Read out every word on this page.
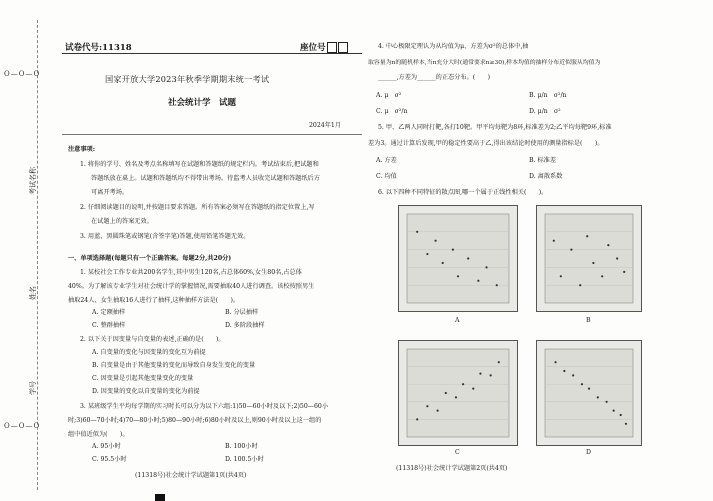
O—O—O
O—O—O
考试名称
姓名
学号
试卷代号:11318	座位号
国家开放大学2023年秋季学期期末统一考试
社会统计学　试题
2024年1月
注意事项:
1. 将你的学号、姓名及考点名称填写在试题和答题纸的规定栏内。考试结束后,把试题和
答题纸放在桌上。试题和答题纸均不得带出考场。待监考人员收完试题和答题纸后方
可离开考场。
2. 仔细阅读题目的说明,并按题目要求答题。所有答案必须写在答题纸的指定位置上,写
在试题上的答案无效。
3. 用蓝、黑圆珠笔或钢笔(含签字笔)答题,使用铅笔答题无效。
一、单项选择题(每题只有一个正确答案。每题2分,共20分)
1. 某校社会工作专业共200名学生,其中男生120名,占总体60%,女生80名,占总体
40%。为了解该专业学生对社会统计学的掌握情况,需要抽取40人进行调查。该校按照男生
抽取24人、女生抽取16人进行了抽样,这种抽样方法是(　　)。
A. 定额抽样	B. 分层抽样
C. 整群抽样	D. 多阶段抽样
2. 以下关于因变量与自变量的表述,正确的是(　　)。
A. 自变量的变化与因变量的变化互为前提
B. 自变量是由于其他变量的变化而导致自身发生变化的变量
C. 因变量是引起其他变量变化的变量
D. 因变量的变化以自变量的变化为前提
3. 某班级学生平均每学期的实习时长可以分为以下六组:1)50—60小时及以下;2)50—60小
时;3)60—70小时;4)70—80小时;5)80—90小时;6)80小时及以上,则90小时及以上这一组的
组中值近似为(　　)。
A. 95小时	B. 100小时
C. 95.5小时	D. 100.5小时
(11318号)社会统计学试题第1页(共4页)
4. 中心极限定理认为从均值为μ、方差为σ²的总体中,抽
取容量为n的随机样本,当n充分大时(通常要求n≥30),样本均值的抽样分布近似服从均值为
______,方差为______的正态分布。(　　)
A. μ　σ²	B. μ/n　σ²/n
C. μ　σ²/n	D. μ/n　σ²
5. 甲、乙两人同时打靶,各打10靶。甲平均每靶为8环,标准差为2;乙平均每靶9环,标准
差为3。通过计算后发现,甲的稳定性要高于乙,得出该结论时使用的测量指标是(　　)。
A. 方差	B. 标准差
C. 均值	D. 离散系数
6. 以下四种不同特征的散点图,哪一个属于正线性相关(　　)。
A	B
C	D
(11318号)社会统计学试题第2页(共4页)
